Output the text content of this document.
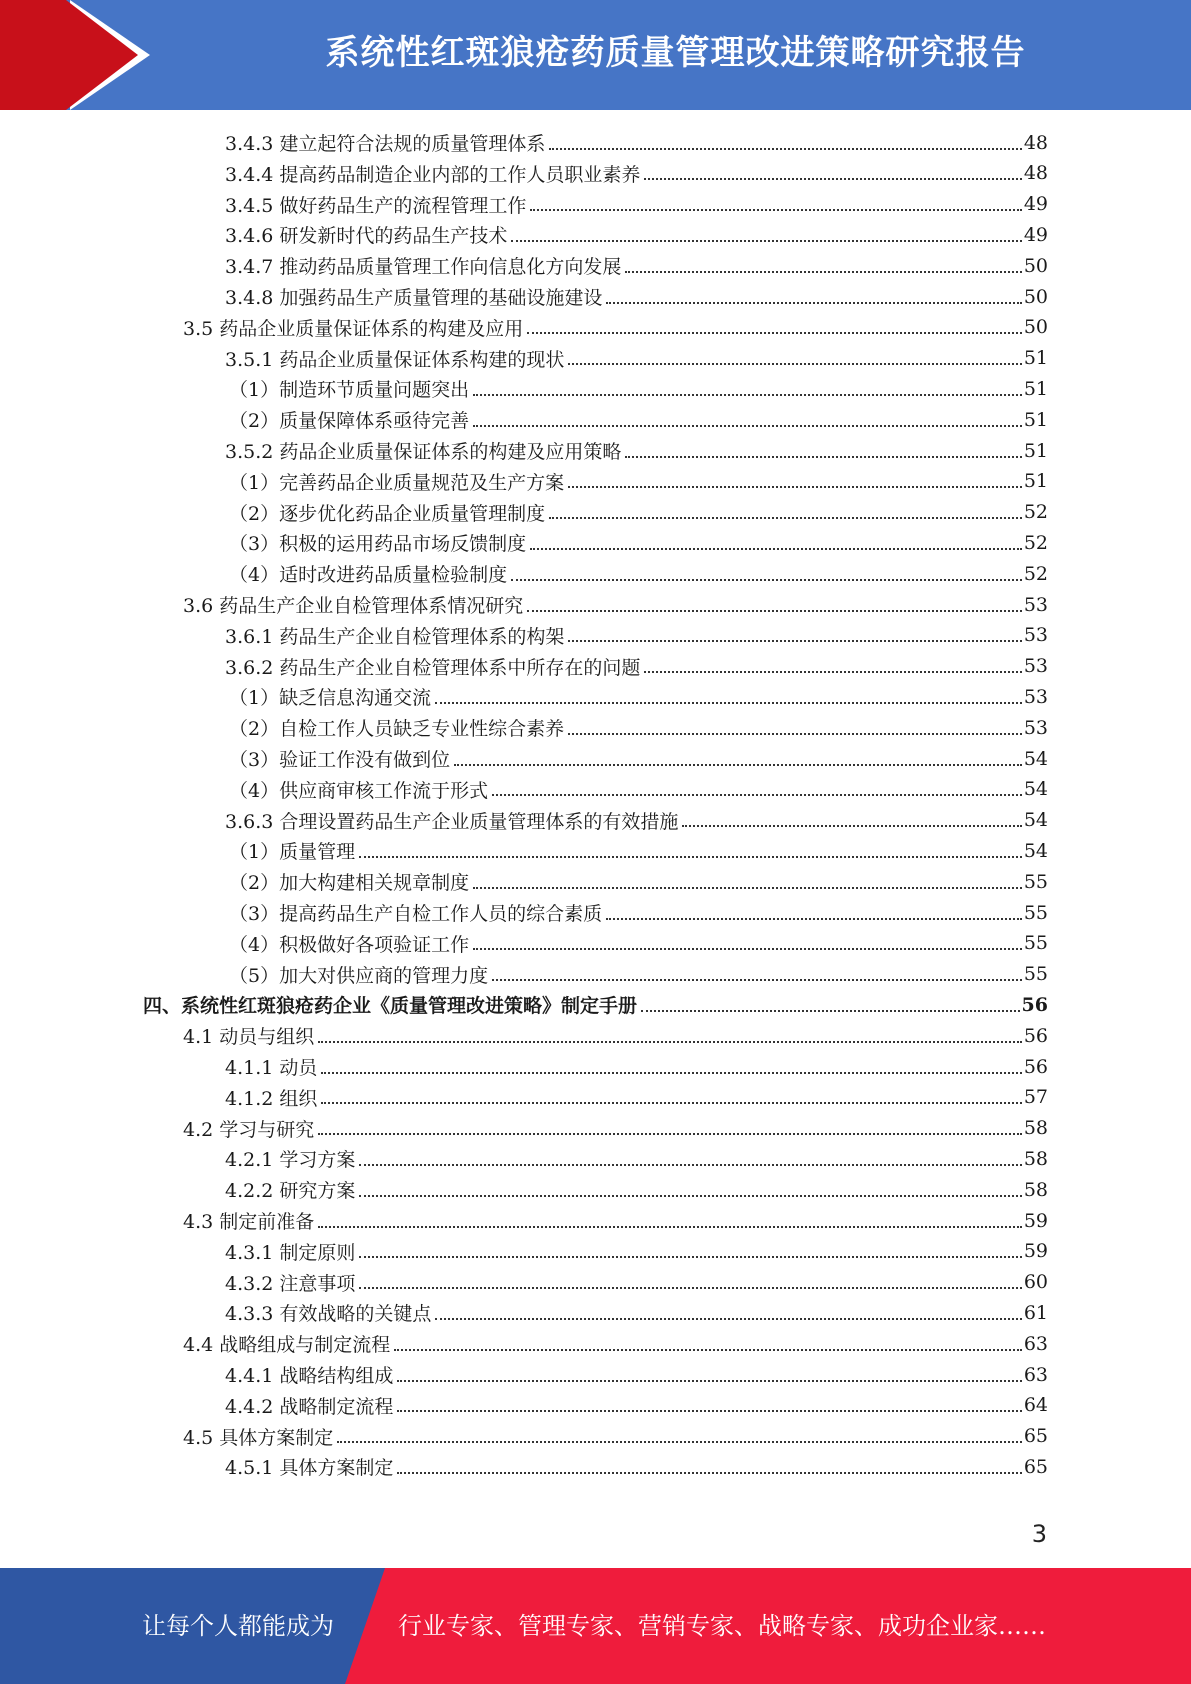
系统性红斑狼疮药质量管理改进策略研究报告
3.4.3 建立起符合法规的质量管理体系	48
3.4.4 提高药品制造企业内部的工作人员职业素养	48
3.4.5 做好药品生产的流程管理工作	49
3.4.6 研发新时代的药品生产技术	49
3.4.7 推动药品质量管理工作向信息化方向发展	50
3.4.8 加强药品生产质量管理的基础设施建设	50
3.5 药品企业质量保证体系的构建及应用	50
3.5.1 药品企业质量保证体系构建的现状	51
（1）制造环节质量问题突出	51
（2）质量保障体系亟待完善	51
3.5.2 药品企业质量保证体系的构建及应用策略	51
（1）完善药品企业质量规范及生产方案	51
（2）逐步优化药品企业质量管理制度	52
（3）积极的运用药品市场反馈制度	52
（4）适时改进药品质量检验制度	52
3.6 药品生产企业自检管理体系情况研究	53
3.6.1 药品生产企业自检管理体系的构架	53
3.6.2 药品生产企业自检管理体系中所存在的问题	53
（1）缺乏信息沟通交流	53
（2）自检工作人员缺乏专业性综合素养	53
（3）验证工作没有做到位	54
（4）供应商审核工作流于形式	54
3.6.3 合理设置药品生产企业质量管理体系的有效措施	54
（1）质量管理	54
（2）加大构建相关规章制度	55
（3）提高药品生产自检工作人员的综合素质	55
（4）积极做好各项验证工作	55
（5）加大对供应商的管理力度	55
四、系统性红斑狼疮药企业《质量管理改进策略》制定手册	56
4.1 动员与组织	56
4.1.1 动员	56
4.1.2 组织	57
4.2 学习与研究	58
4.2.1 学习方案	58
4.2.2 研究方案	58
4.3 制定前准备	59
4.3.1 制定原则	59
4.3.2 注意事项	60
4.3.3 有效战略的关键点	61
4.4 战略组成与制定流程	63
4.4.1 战略结构组成	63
4.4.2 战略制定流程	64
4.5 具体方案制定	65
4.5.1 具体方案制定	65
3
让每个人都能成为	行业专家、管理专家、营销专家、战略专家、成功企业家……
